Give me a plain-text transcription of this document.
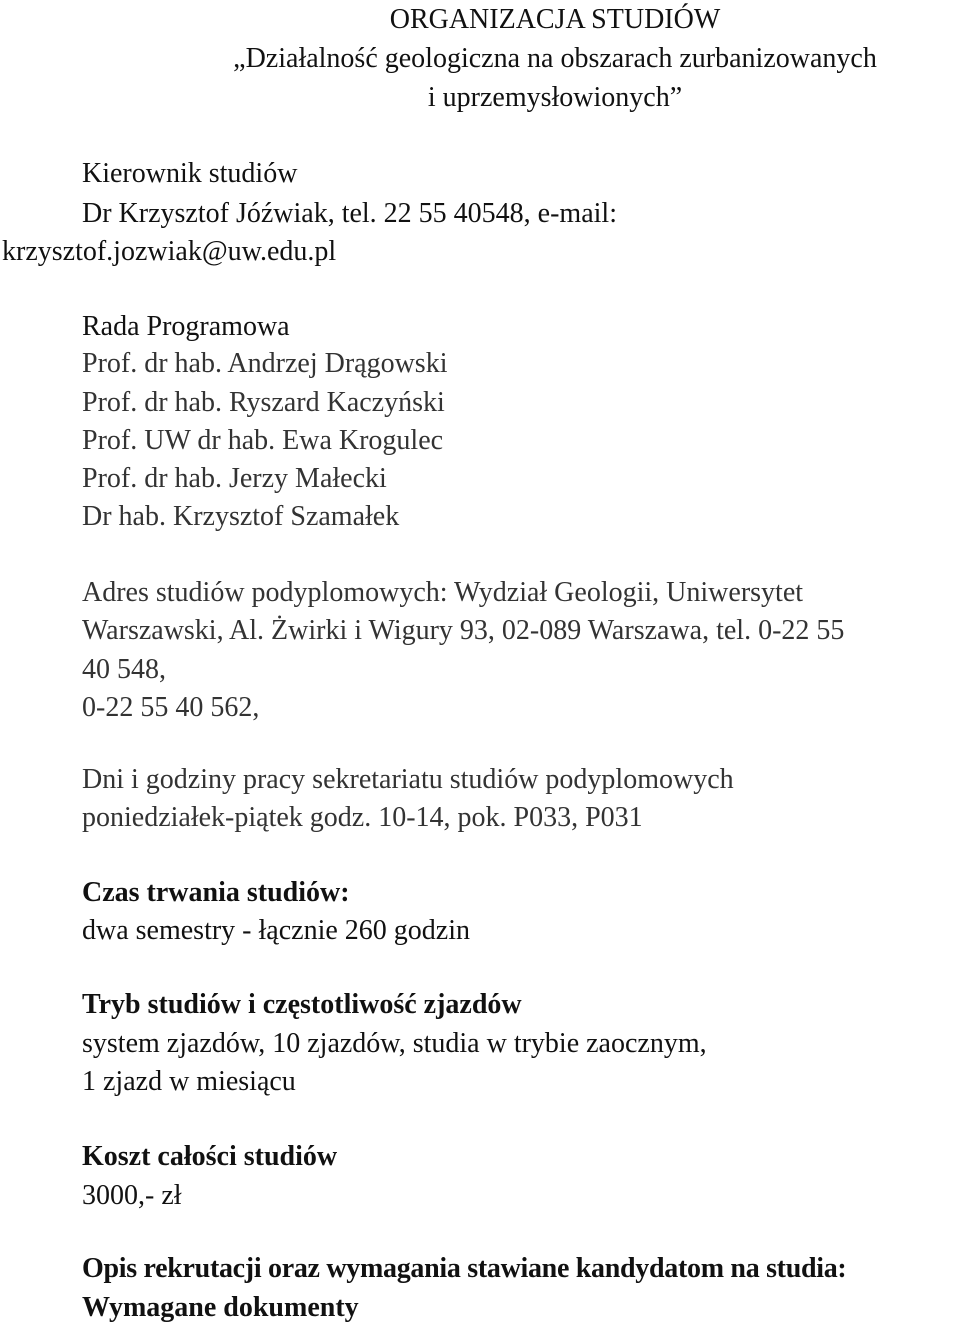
ORGANIZACJA STUDIÓW

„Działalność geologiczna na obszarach zurbanizowanych

i uprzemysłowionych”

Kierownik studiów

Dr Krzysztof Jóźwiak, tel. 22 55 40548, e-mail:

krzysztof.jozwiak@uw.edu.pl

Rada Programowa

Prof. dr hab. Andrzej Drągowski

Prof. dr hab. Ryszard Kaczyński

Prof. UW dr hab. Ewa Krogulec

Prof. dr hab. Jerzy Małecki

Dr hab. Krzysztof Szamałek

Adres studiów podyplomowych: Wydział Geologii, Uniwersytet

Warszawski, Al. Żwirki i Wigury 93, 02-089 Warszawa, tel. 0-22 55

40 548,

0-22 55 40 562,

Dni i godziny pracy sekretariatu studiów podyplomowych

poniedziałek-piątek godz. 10-14, pok. P033, P031

Czas trwania studiów:

dwa semestry - łącznie 260 godzin

Tryb studiów i częstotliwość zjazdów

system zjazdów, 10 zjazdów, studia w trybie zaocznym,

1 zjazd w miesiącu

Koszt całości studiów

3000,- zł

Opis rekrutacji oraz wymagania stawiane kandydatom na studia:

Wymagane dokumenty
